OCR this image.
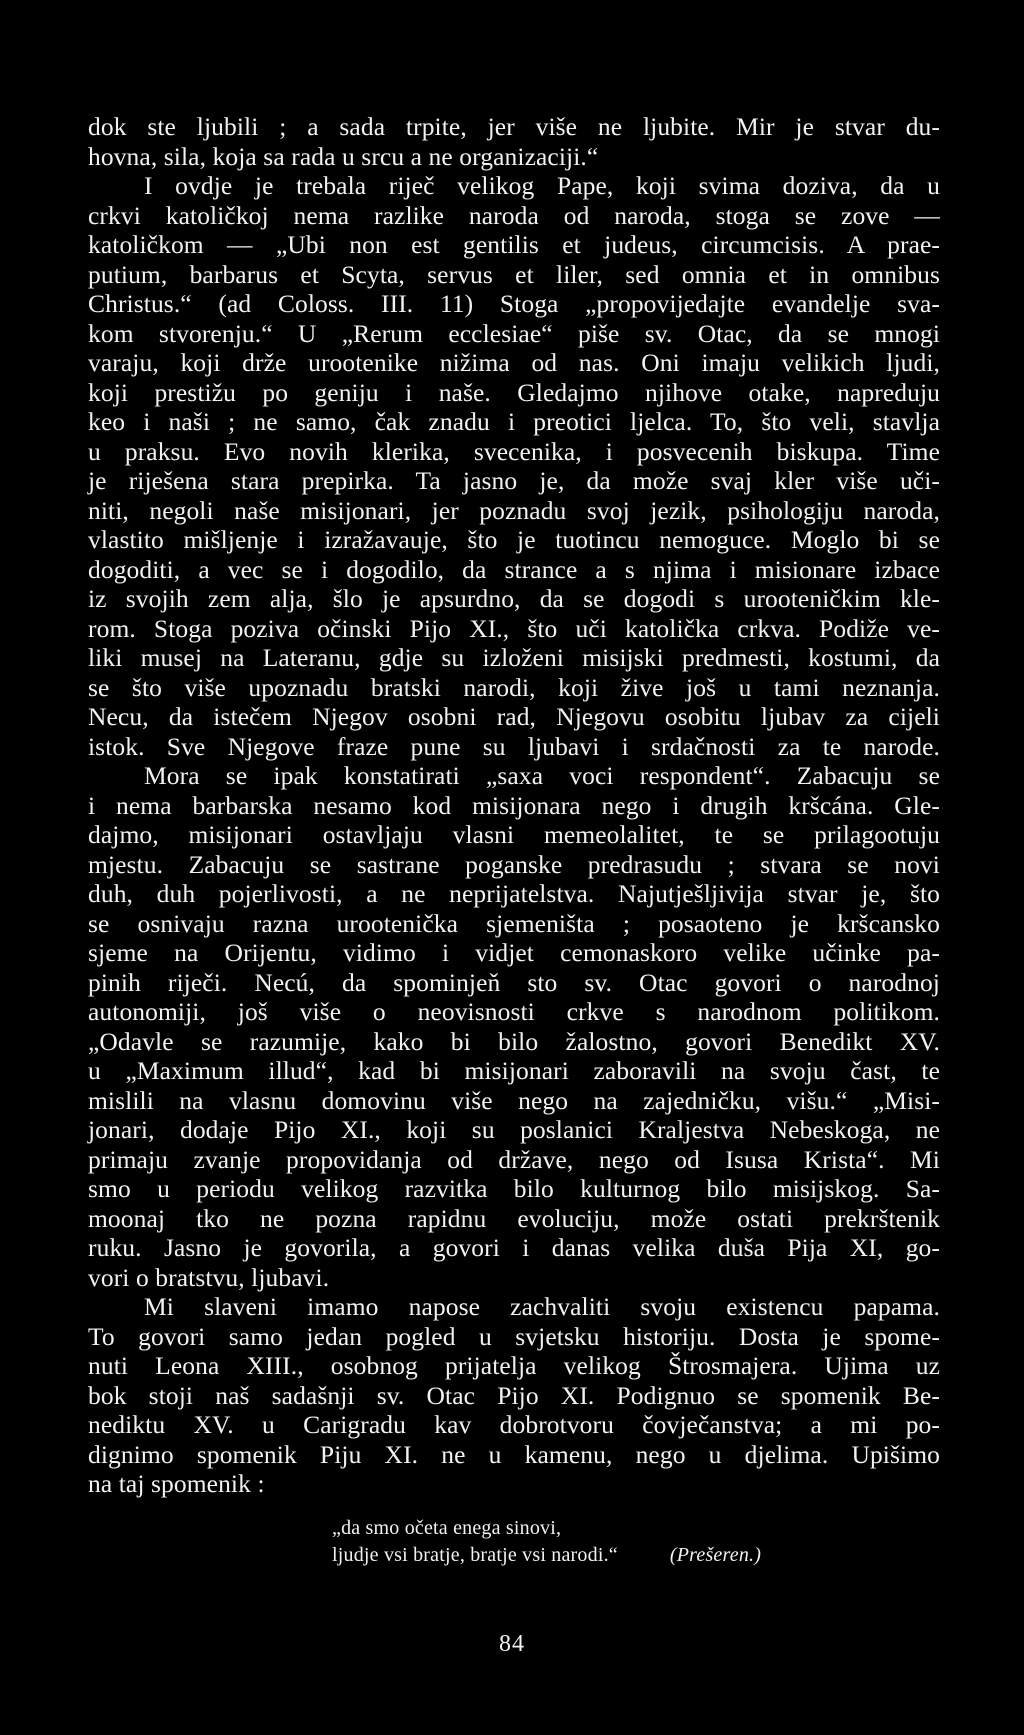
dok ste ljubili ; a sada trpite, jer više ne ljubite. Mir je stvar du-
hovna, sila, koja sa rada u srcu a ne organizaciji.“
I ovdje je trebala riječ velikog Pape, koji svima doziva, da u
crkvi katoličkoj nema razlike naroda od naroda, stoga se zove —
katoličkom — „Ubi non est gentilis et judeus, circumcisis. A prae-
putium, barbarus et Scyta, servus et liler, sed omnia et in omnibus
Christus.“ (ad Coloss. III. 11) Stoga „propovijedajte evandelje sva-
kom stvorenju.“ U „Rerum ecclesiae“ piše sv. Otac, da se mnogi
varaju, koji drže urootenike nižima od nas. Oni imaju velikich ljudi,
koji prestižu po geniju i naše. Gledajmo njihove otake, napreduju
keo i naši ; ne samo, čak znadu i preotici ljelca. To, što veli, stavlja
u praksu. Evo novih klerika, svecenika, i posvecenih biskupa. Time
je riješena stara prepirka. Ta jasno je, da može svaj kler više uči-
niti, negoli naše misijonari, jer poznadu svoj jezik, psihologiju naroda,
vlastito mišljenje i izražavauje, što je tuotincu nemoguce. Moglo bi se
dogoditi, a vec se i dogodilo, da strance a s njima i misionare izbace
iz svojih zem alja, šlo je apsurdno, da se dogodi s urooteničkim kle-
rom. Stoga poziva očinski Pijo XI., što uči katolička crkva. Podiže ve-
liki musej na Lateranu, gdje su izloženi misijski predmesti, kostumi, da
se što više upoznadu bratski narodi, koji žive još u tami neznanja.
Necu, da istečem Njegov osobni rad, Njegovu osobitu ljubav za cijeli
istok. Sve Njegove fraze pune su ljubavi i srdačnosti za te narode.
Mora se ipak konstatirati „saxa voci respondent“. Zabacuju se
i nema barbarska nesamo kod misijonara nego i drugih kršcána. Gle-
dajmo, misijonari ostavljaju vlasni memeolalitet, te se prilagootuju
mjestu. Zabacuju se sastrane poganske predrasudu ; stvara se novi
duh, duh pojerlivosti, a ne neprijatelstva. Najutješljivija stvar je, što
se osnivaju razna urootenička sjemeništa ; posaoteno je kršcansko
sjeme na Orijentu, vidimo i vidjet cemonaskoro velike učinke pa-
pinih riječi. Necú, da spominjeň sto sv. Otac govori o narodnoj
autonomiji, još više o neovisnosti crkve s narodnom politikom.
„Odavle se razumije, kako bi bilo žalostno, govori Benedikt XV.
u „Maximum illud“, kad bi misijonari zaboravili na svoju čast, te
mislili na vlasnu domovinu više nego na zajedničku, višu.“ „Misi-
jonari, dodaje Pijo XI., koji su poslanici Kraljestva Nebeskoga, ne
primaju zvanje propovidanja od države, nego od Isusa Krista“. Mi
smo u periodu velikog razvitka bilo kulturnog bilo misijskog. Sa-
moonaj tko ne pozna rapidnu evoluciju, može ostati prekrštenik
ruku. Jasno je govorila, a govori i danas velika duša Pija XI, go-
vori o bratstvu, ljubavi.
Mi slaveni imamo napose zachvaliti svoju existencu papama.
To govori samo jedan pogled u svjetsku historiju. Dosta je spome-
nuti Leona XIII., osobnog prijatelja velikog Štrosmajera. Ujima uz
bok stoji naš sadašnji sv. Otac Pijo XI. Podignuo se spomenik Be-
nediktu XV. u Carigradu kav dobrotvoru čovječanstva; a mi po-
dignimo spomenik Piju XI. ne u kamenu, nego u djelima. Upišimo
na taj spomenik :
„da smo očeta enega sinovi,
ljudje vsi bratje, bratje vsi narodi.“	(Prešeren.)
84
